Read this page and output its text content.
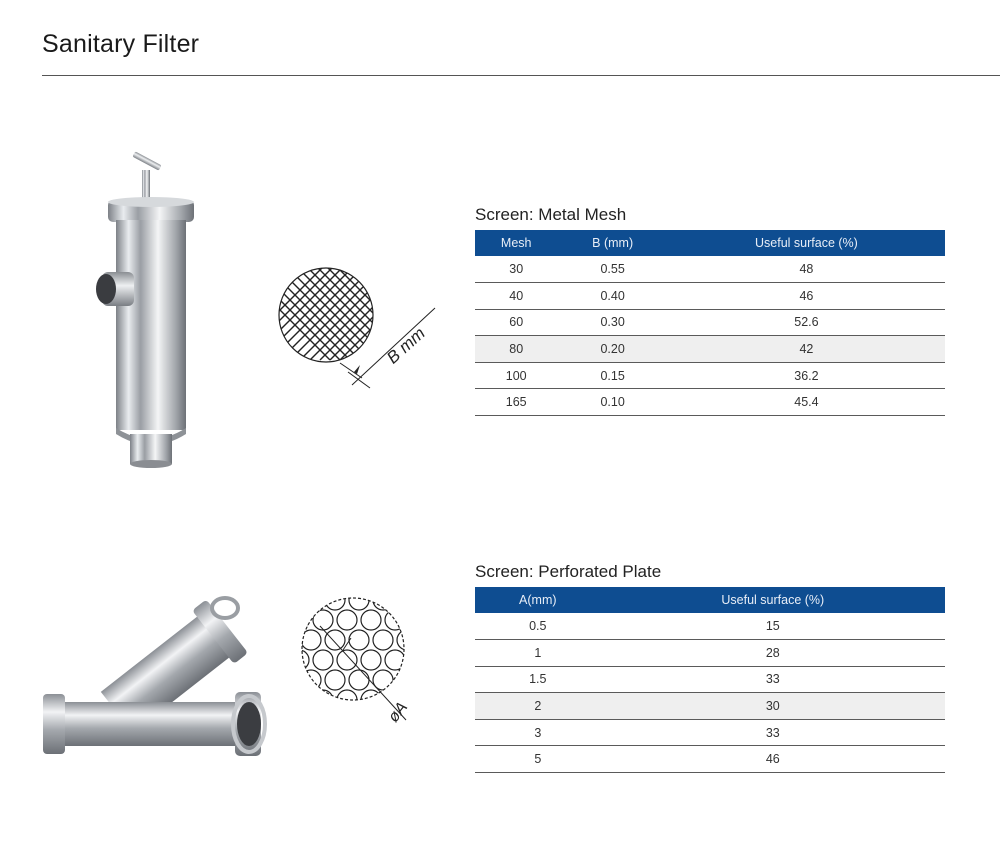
Sanitary Filter
B mm
Screen: Metal Mesh
Mesh	B (mm)	Useful surface (%)
30	0.55	48
40	0.40	46
60	0.30	52.6
80	0.20	42
100	0.15	36.2
165	0.10	45.4
øA
Screen: Perforated Plate
A(mm)	Useful surface (%)
0.5	15
1	28
1.5	33
2	30
3	33
5	46
